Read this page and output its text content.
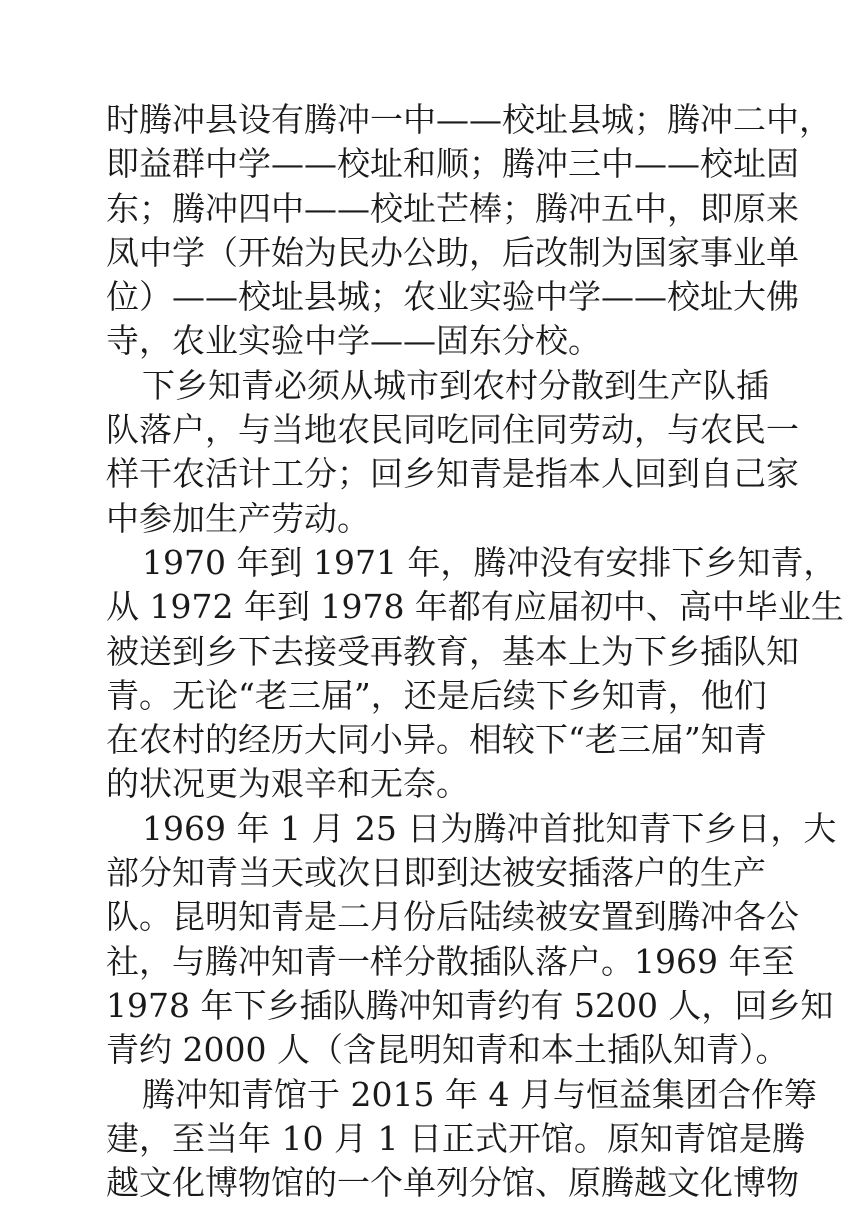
时腾冲县设有腾冲一中——校址县城；腾冲二中，
即益群中学——校址和顺；腾冲三中——校址固
东；腾冲四中——校址芒棒；腾冲五中，即原来
凤中学（开始为民办公助，后改制为国家事业单
位）——校址县城；农业实验中学——校址大佛
寺，农业实验中学——固东分校。
下乡知青必须从城市到农村分散到生产队插
队落户，与当地农民同吃同住同劳动，与农民一
样干农活计工分；回乡知青是指本人回到自己家
中参加生产劳动。
1970 年到 1971 年，腾冲没有安排下乡知青，
从 1972 年到 1978 年都有应届初中、高中毕业生
被送到乡下去接受再教育，基本上为下乡插队知
青。无论“老三届”，还是后续下乡知青，他们
在农村的经历大同小异。相较下“老三届”知青
的状况更为艰辛和无奈。
1969 年 1 月 25 日为腾冲首批知青下乡日，大
部分知青当天或次日即到达被安插落户的生产
队。昆明知青是二月份后陆续被安置到腾冲各公
社，与腾冲知青一样分散插队落户。1969 年至
1978 年下乡插队腾冲知青约有 5200 人，回乡知
青约 2000 人（含昆明知青和本土插队知青）。
腾冲知青馆于 2015 年 4 月与恒益集团合作筹
建，至当年 10 月 1 日正式开馆。原知青馆是腾
越文化博物馆的一个单列分馆、原腾越文化博物
